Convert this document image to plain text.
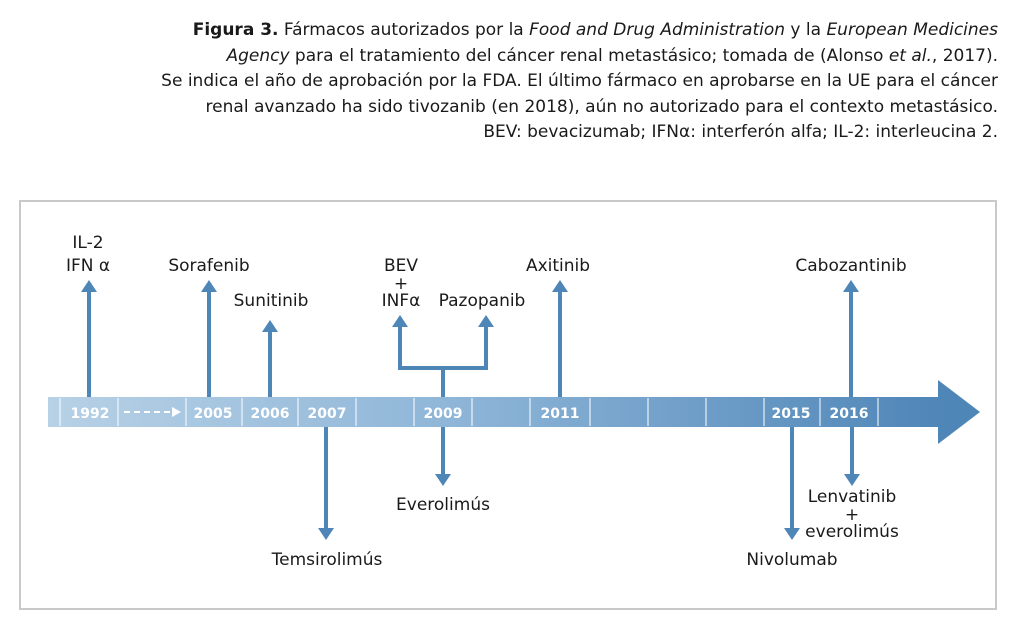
Figura 3. Fármacos autorizados por la Food and Drug Administration y la European Medicines
Agency para el tratamiento del cáncer renal metastásico; tomada de (Alonso et al., 2017).
Se indica el año de aprobación por la FDA. El último fármaco en aprobarse en la UE para el cáncer
renal avanzado ha sido tivozanib (en 2018), aún no autorizado para el contexto metastásico.
BEV: bevacizumab; IFNα: interferón alfa; IL-2: interleucina 2.
1992	2005 2006 2007	2009	2011	2015 2016
IL-2
IFN α	Sorafenib
Sunitinib
BEV
+
INFα Pazopanib
Axitinib	Cabozantinib
Temsirolimús
Everolimús	Lenvatinib
+
everolimús
Nivolumab
